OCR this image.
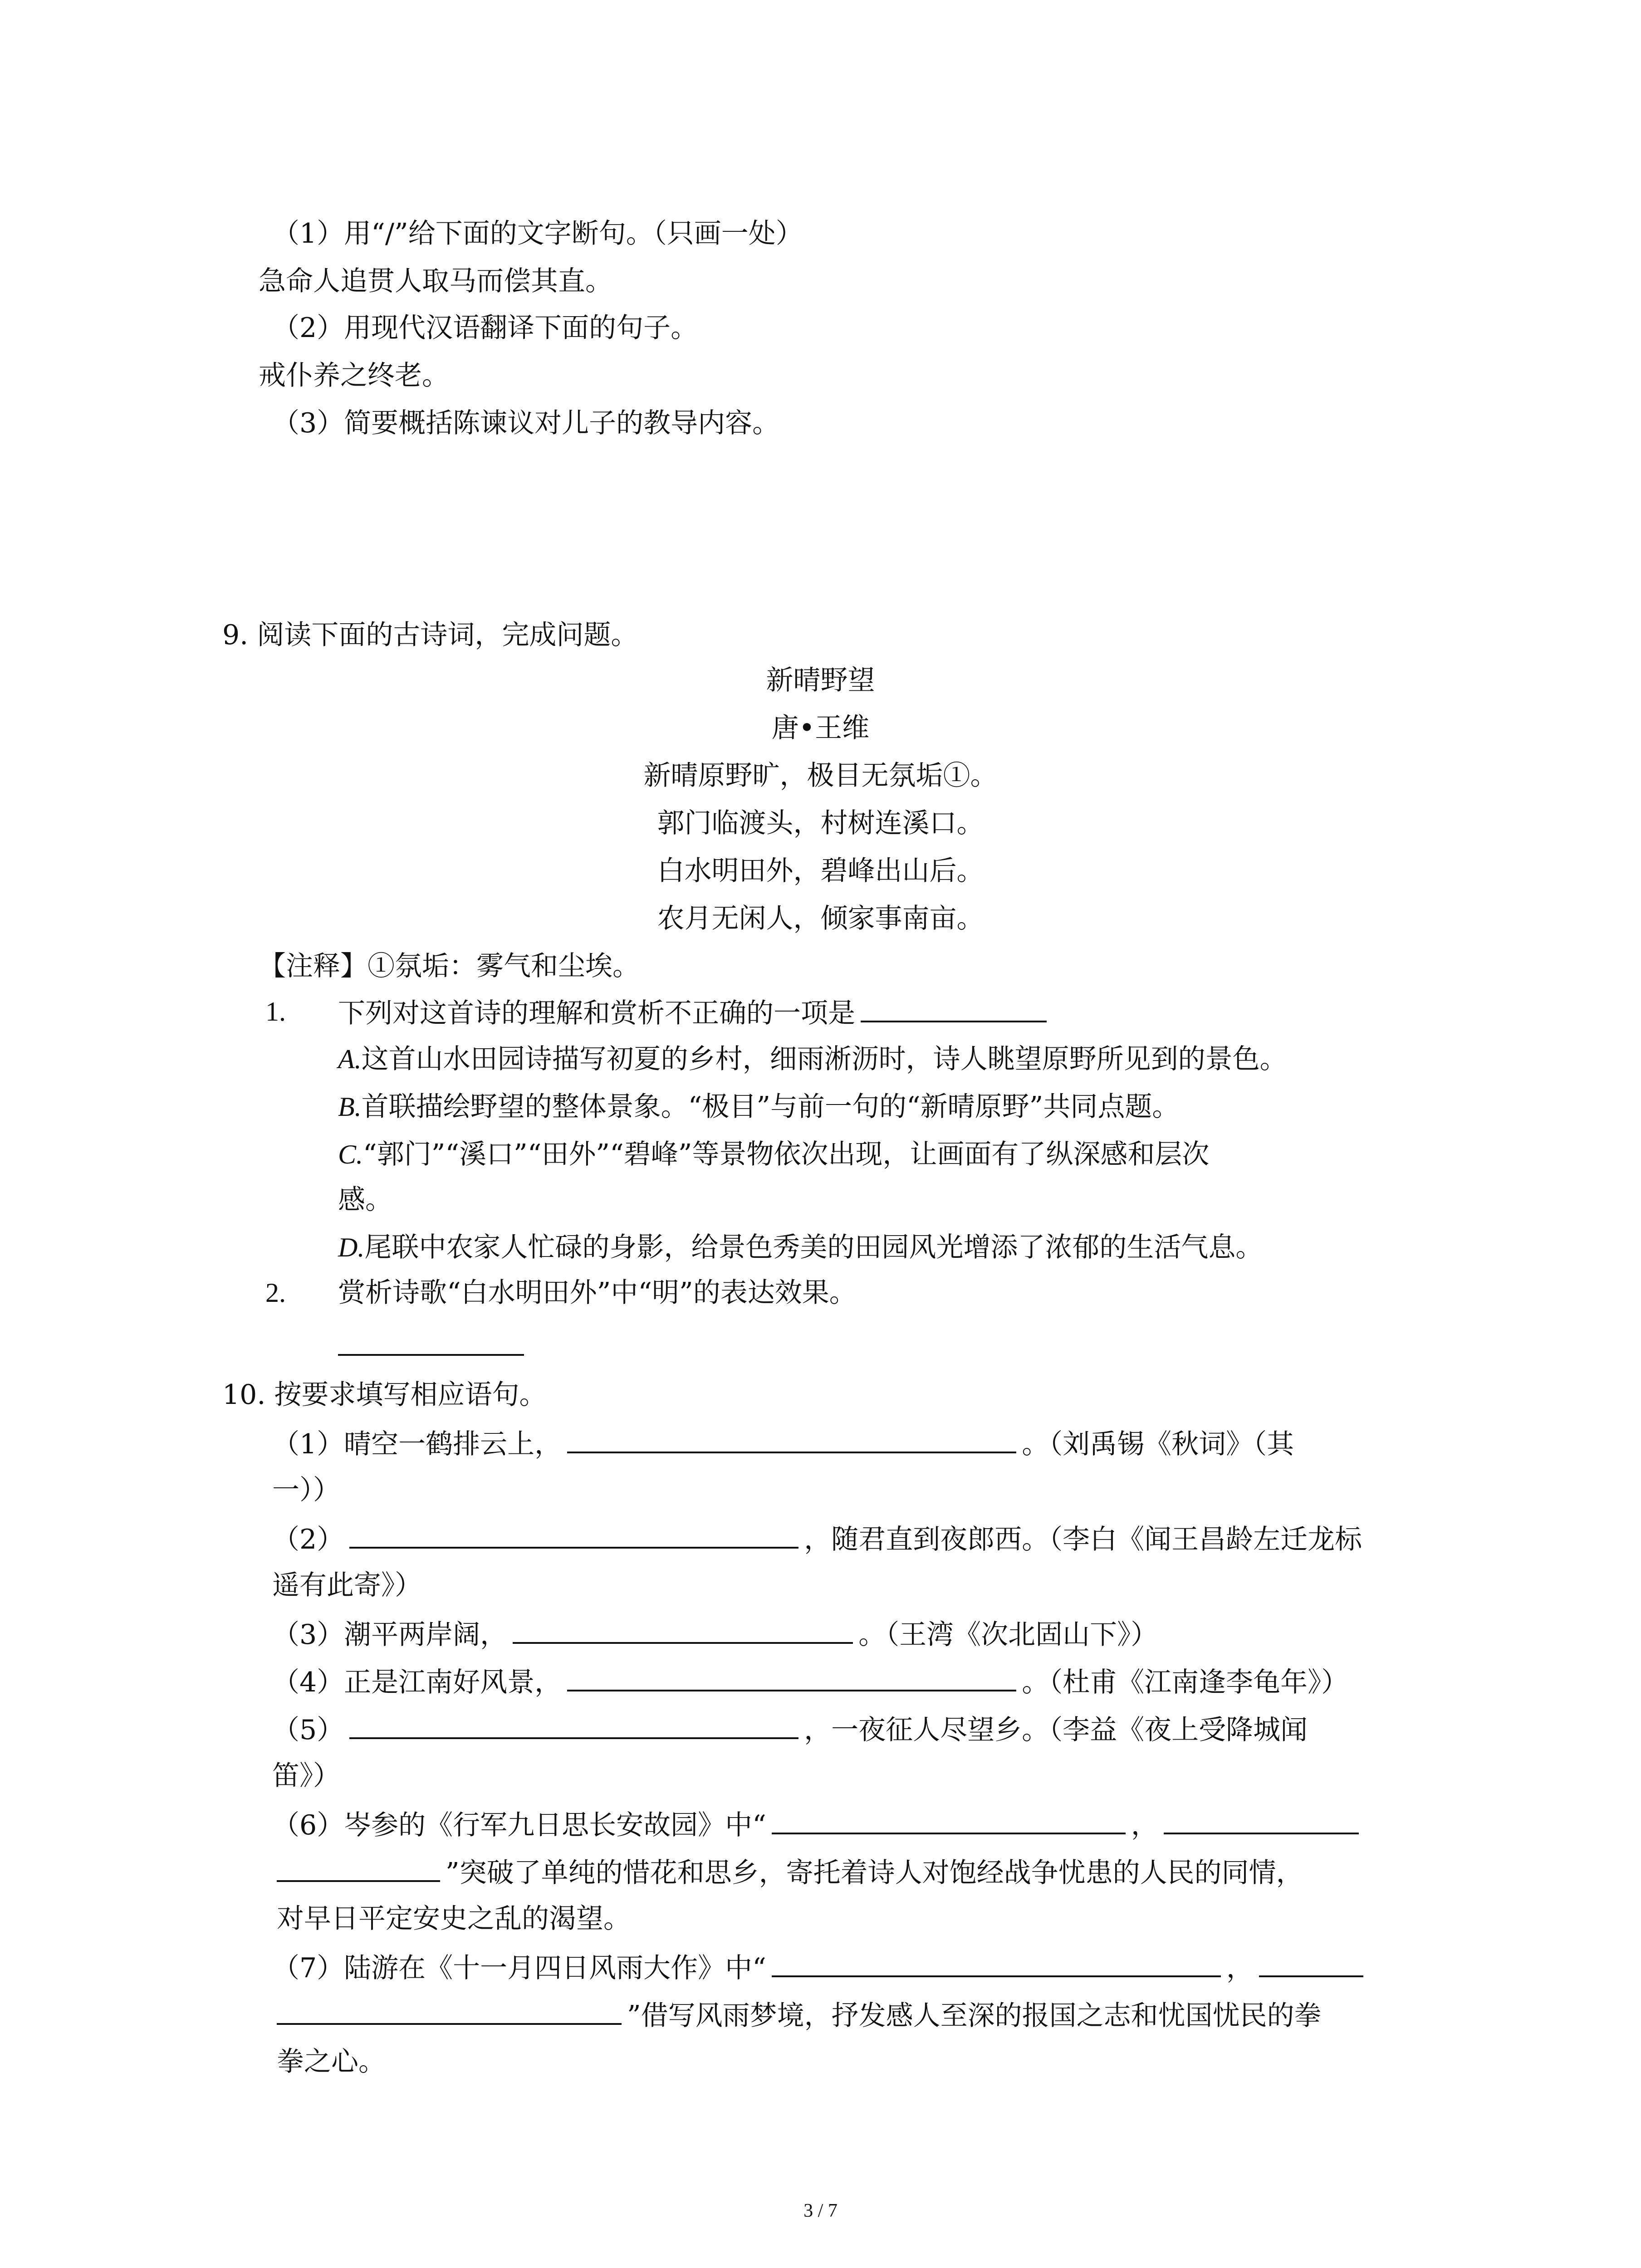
（1）用“/”给下面的文字断句。（只画一处）
急命人追贯人取马而偿其直。
（2）用现代汉语翻译下面的句子。
戒仆养之终老。
（3）简要概括陈谏议对儿子的教导内容。
9. 阅读下面的古诗词，完成问题。
新晴野望
唐•王维
新晴原野旷，极目无氛垢①。
郭门临渡头，村树连溪口。
白水明田外，碧峰出山后。
农月无闲人，倾家事南亩。
【注释】①氛垢：雾气和尘埃。
1. 下列对这首诗的理解和赏析不正确的一项是
A.这首山水田园诗描写初夏的乡村，细雨淅沥时，诗人眺望原野所见到的景色。
B.首联描绘野望的整体景象。“极目”与前一句的“新晴原野”共同点题。
C.“郭门”“溪口”“田外”“碧峰”等景物依次出现，让画面有了纵深感和层次
感。
D.尾联中农家人忙碌的身影，给景色秀美的田园风光增添了浓郁的生活气息。
2. 赏析诗歌“白水明田外”中“明”的表达效果。
10. 按要求填写相应语句。
（1）晴空一鹤排云上，	。（刘禹锡《秋词》（其
一））
（2）	，随君直到夜郎西。（李白《闻王昌龄左迁龙标
遥有此寄》）
（3）潮平两岸阔，	。（王湾《次北固山下》）
（4）正是江南好风景，	。（杜甫《江南逢李龟年》）
（5）	，一夜征人尽望乡。（李益《夜上受降城闻
笛》）
（6）岑参的《行军九日思长安故园》中“	，
”突破了单纯的惜花和思乡，寄托着诗人对饱经战争忧患的人民的同情，
对早日平定安史之乱的渴望。
（7）陆游在《十一月四日风雨大作》中“	，
”借写风雨梦境，抒发感人至深的报国之志和忧国忧民的拳
拳之心。
3 / 7
